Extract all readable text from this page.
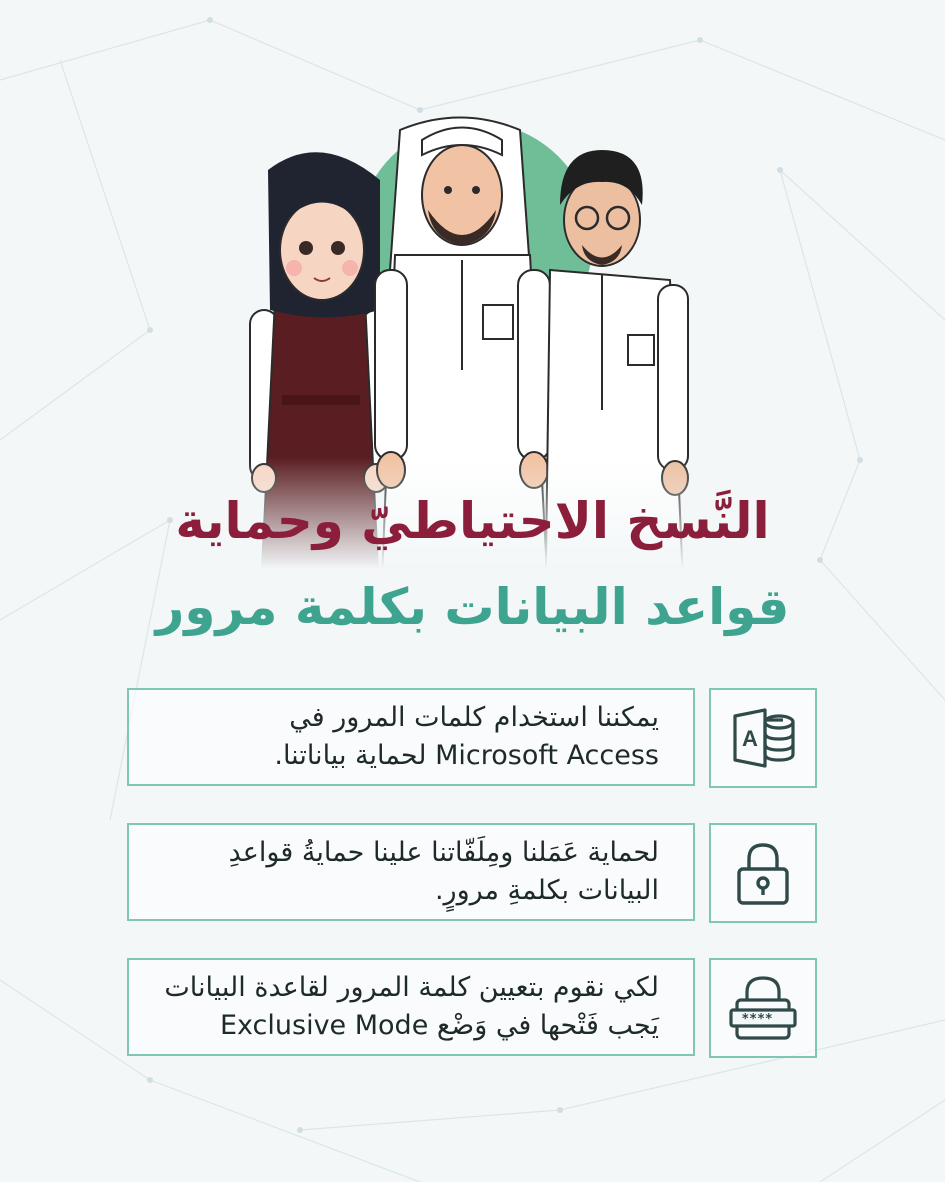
النَّسخ الاحتياطيّ وحماية
قواعد البيانات بكلمة مرور

يمكننا استخدام كلمات المرور في
Microsoft Access لحماية بياناتنا.

A

لحماية عَمَلنا ومِلَفّاتنا علينا حمايةُ قواعدِ
البيانات بكلمةِ مرورٍ.

لكي نقوم بتعيين كلمة المرور لقاعدة البيانات
يَجب فَتْحها في وَضْع Exclusive Mode	****_
